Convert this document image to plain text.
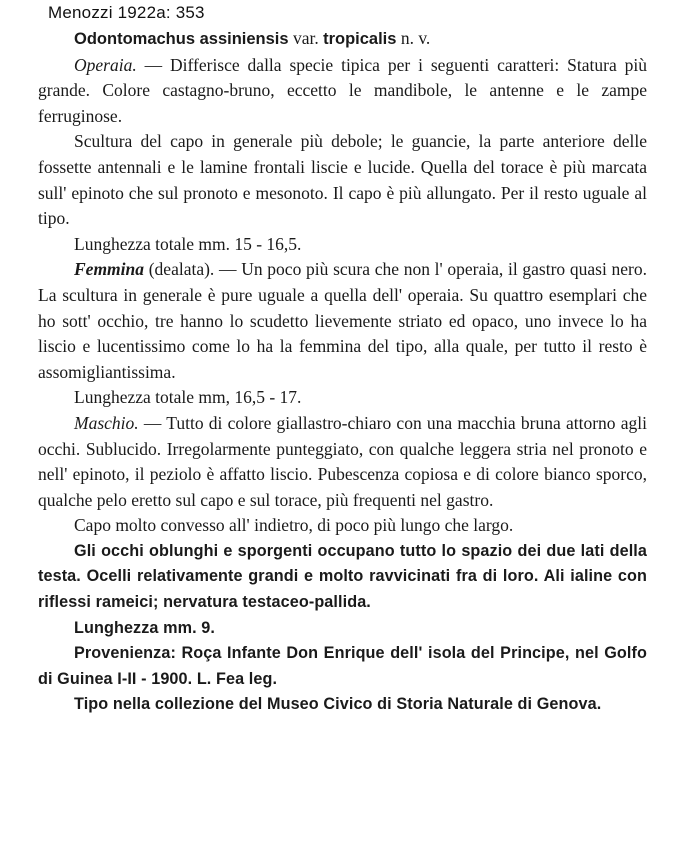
Menozzi 1922a: 353
Odontomachus assiniensis var. tropicalis n. v.

Operaia. — Differisce dalla specie tipica per i seguenti caratteri: Statura più grande. Colore castagno-bruno, eccetto le mandibole, le antenne e le zampe ferruginose.

Scultura del capo in generale più debole; le guancie, la parte anteriore delle fossette antennali e le lamine frontali liscie e lucide. Quella del torace è più marcata sull' epinoto che sul pronoto e mesonoto. Il capo è più allungato. Per il resto uguale al tipo.

Lunghezza totale mm. 15 - 16,5.

Femmina (dealata). — Un poco più scura che non l' operaia, il gastro quasi nero. La scultura in generale è pure uguale a quella dell' operaia. Su quattro esemplari che ho sott' occhio, tre hanno lo scudetto lievemente striato ed opaco, uno invece lo ha liscio e lucentissimo come lo ha la femmina del tipo, alla quale, per tutto il resto è assomigliantissima.

Lunghezza totale mm, 16,5 - 17.

Maschio. — Tutto di colore giallastro-chiaro con una macchia bruna attorno agli occhi. Sublucido. Irregolarmente punteggiato, con qualche leggera stria nel pronoto e nell' epinoto, il peziolo è affatto liscio. Pubescenza copiosa e di colore bianco sporco, qualche pelo eretto sul capo e sul torace, più frequenti nel gastro.

Capo molto convesso all' indietro, di poco più lungo che largo.

Gli occhi oblunghi e sporgenti occupano tutto lo spazio dei due lati della testa. Ocelli relativamente grandi e molto ravvicinati fra di loro. Ali ialine con riflessi rameici; nervatura testaceo-pallida.

Lunghezza mm. 9.

Provenienza: Roça Infante Don Enrique dell' isola del Principe, nel Golfo di Guinea I-II - 1900. L. Fea leg.

Tipo nella collezione del Museo Civico di Storia Naturale di Genova.
